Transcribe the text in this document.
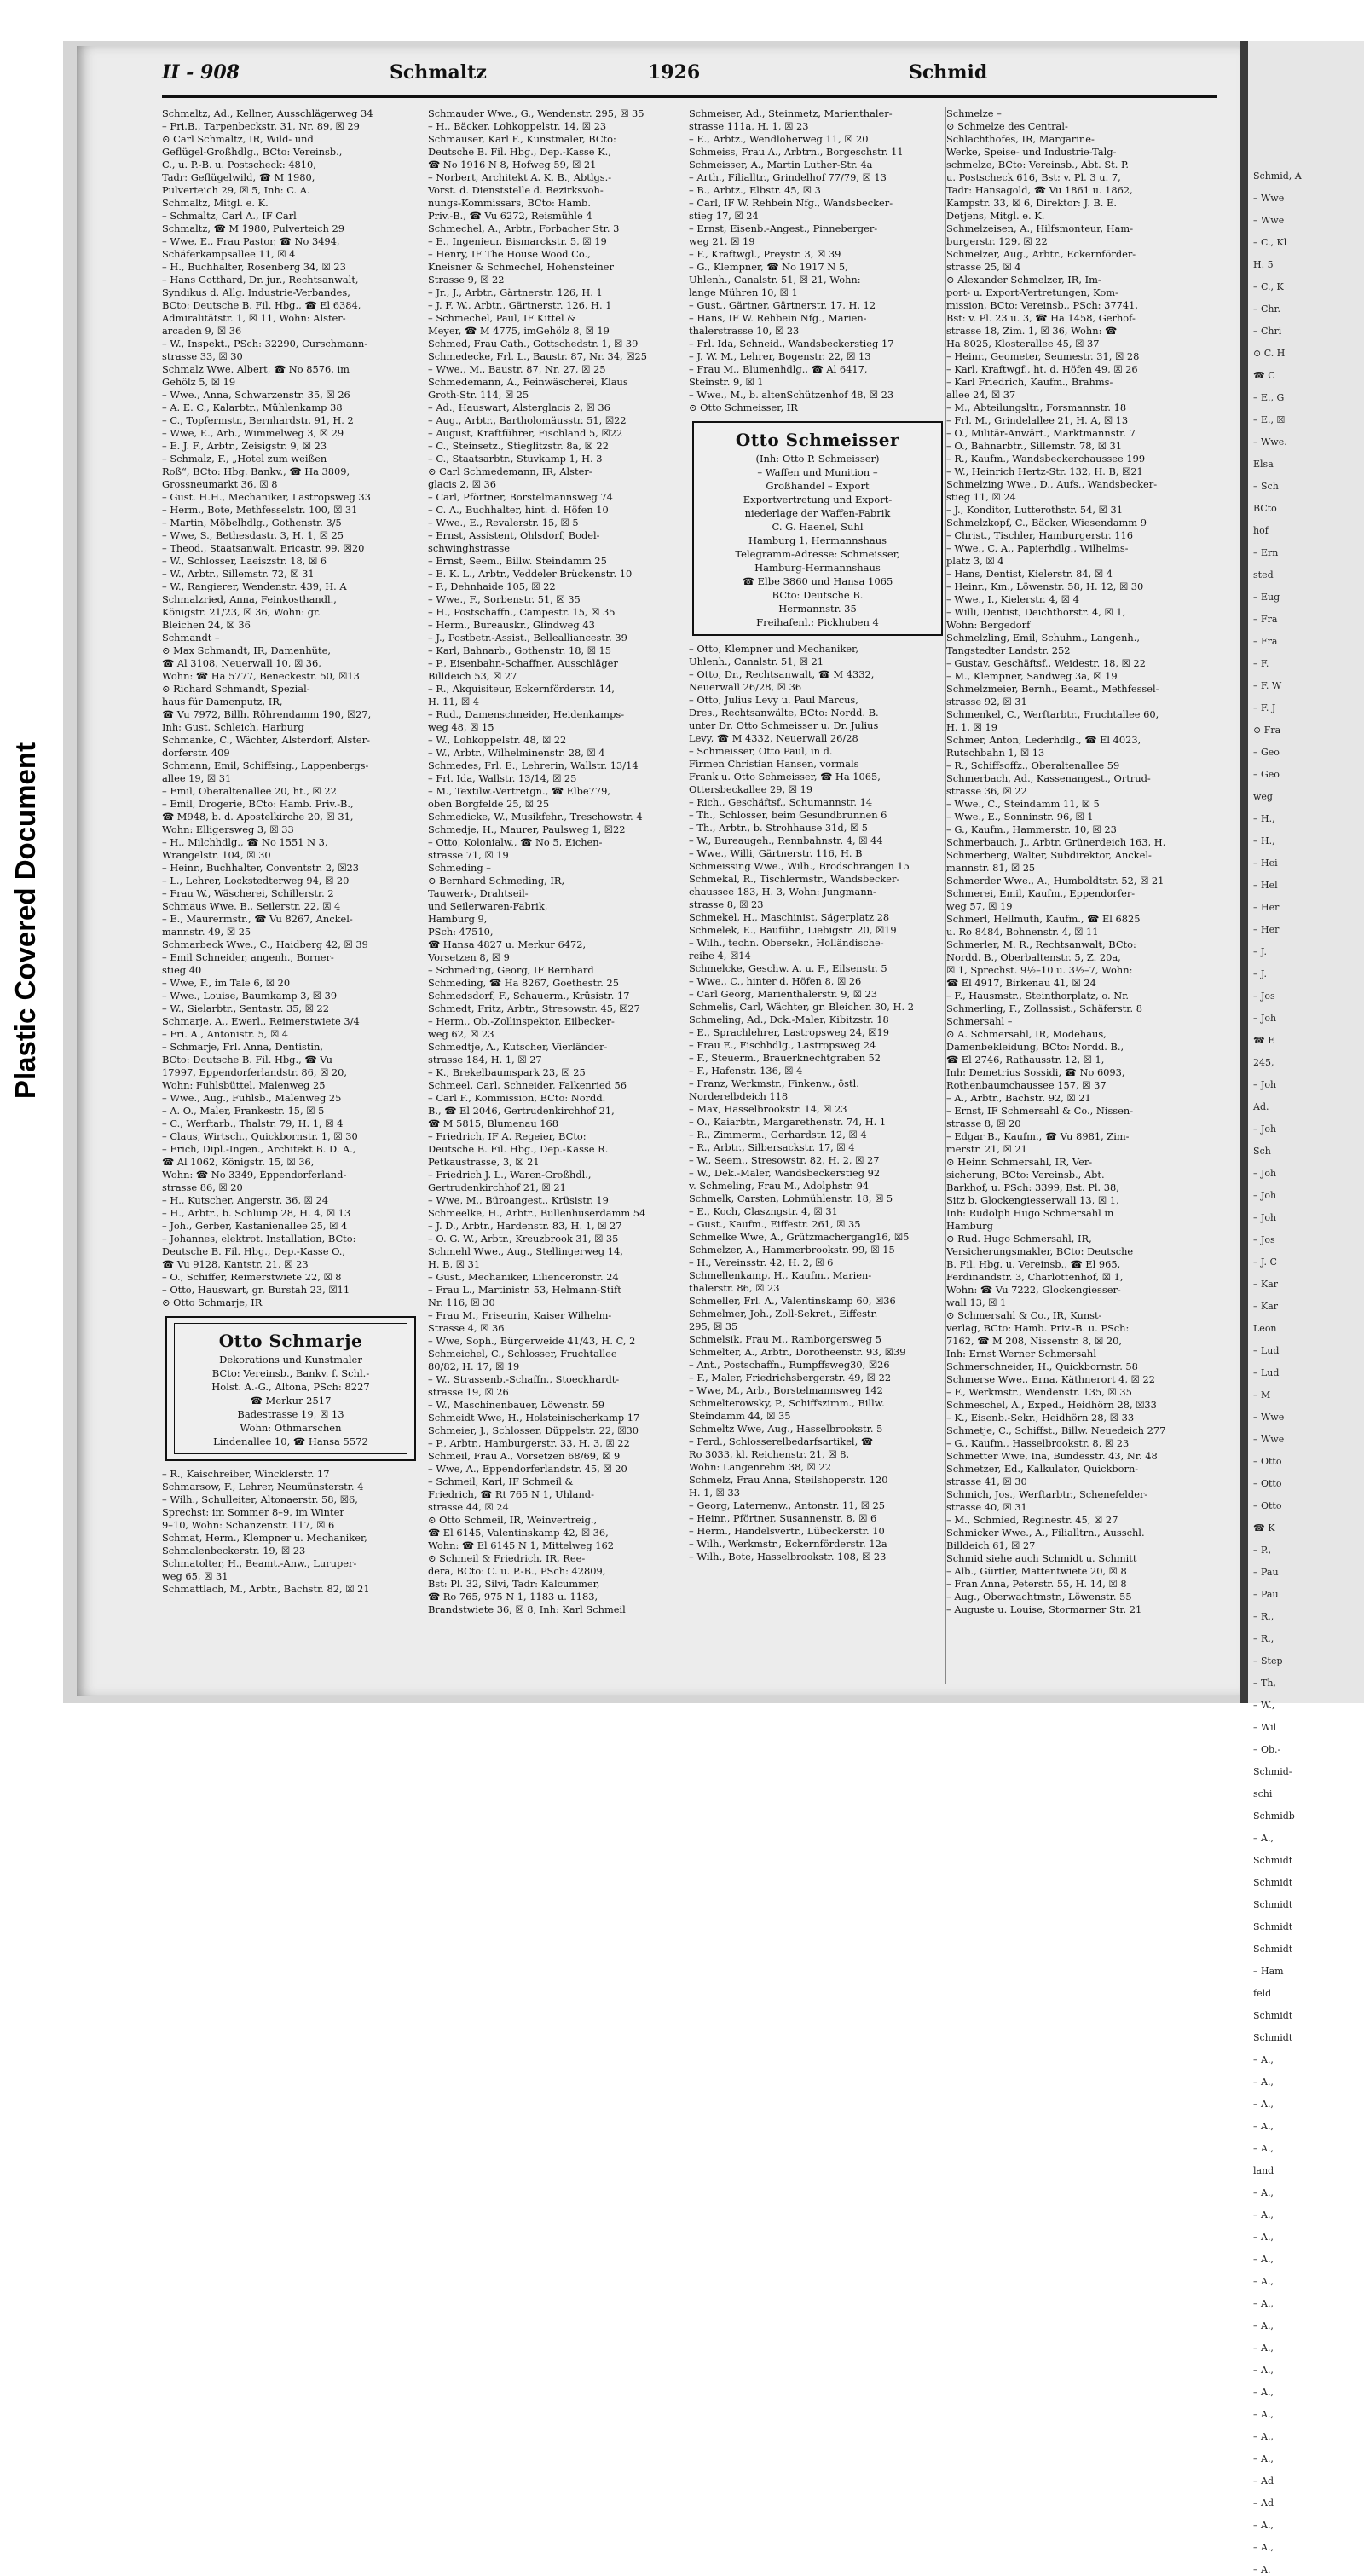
Plastic Covered Document
II - 908	Schmaltz	1926	Schmid

Schmaltz, Ad., Kellner, Ausschlägerweg 34

– Fri.B., Tarpenbeckstr. 31, Nr. 89, ☒ 29

⊙ Carl Schmaltz, IR, Wild- und

Geflügel-Großhdlg., BCto: Vereinsb.,

C., u. P.-B. u. Postscheck: 4810,

Tadr: Geflügelwild, ☎ M 1980,

Pulverteich 29, ☒ 5, Inh: C. A.

Schmaltz, Mitgl. e. K.

– Schmaltz, Carl A., IF Carl

Schmaltz, ☎ M 1980, Pulverteich 29

– Wwe, E., Frau Pastor, ☎ No 3494,

Schäferkampsallee 11, ☒ 4

– H., Buchhalter, Rosenberg 34, ☒ 23

– Hans Gotthard, Dr. jur., Rechtsanwalt,

Syndikus d. Allg. Industrie-Verbandes,

BCto: Deutsche B. Fil. Hbg., ☎ El 6384,

Admiralitätstr. 1, ☒ 11, Wohn: Alster-

arcaden 9, ☒ 36

– W., Inspekt., PSch: 32290, Curschmann-

strasse 33, ☒ 30

Schmalz Wwe. Albert, ☎ No 8576, im

Gehölz 5, ☒ 19

– Wwe., Anna, Schwarzenstr. 35, ☒ 26

– A. E. C., Kalarbtr., Mühlenkamp 38

– C., Topfermstr., Bernhardstr. 91, H. 2

– Wwe, E., Arb., Wimmelweg 3, ☒ 29

– E. J. F., Arbtr., Zeisigstr. 9, ☒ 23

– Schmalz, F., „Hotel zum weißen

Roß“, BCto: Hbg. Bankv., ☎ Ha 3809,

Grossneumarkt 36, ☒ 8

– Gust. H.H., Mechaniker, Lastropsweg 33

– Herm., Bote, Methfesselstr. 100, ☒ 31

– Martin, Möbelhdlg., Gothenstr. 3/5

– Wwe, S., Bethesdastr. 3, H. 1, ☒ 25

– Theod., Staatsanwalt, Ericastr. 99, ☒20

– W., Schlosser, Laeiszstr. 18, ☒ 6

– W., Arbtr., Sillemstr. 72, ☒ 31

– W., Rangierer, Wendenstr. 439, H. A

Schmalzried, Anna, Feinkosthandl.,

Königstr. 21/23, ☒ 36, Wohn: gr.

Bleichen 24, ☒ 36

Schmandt –

⊙ Max Schmandt, IR, Damenhüte,

☎ Al 3108, Neuerwall 10, ☒ 36,

Wohn: ☎ Ha 5777, Beneckestr. 50, ☒13

⊙ Richard Schmandt, Spezial-

haus für Damenputz, IR,

☎ Vu 7972, Billh. Röhrendamm 190, ☒27,

Inh: Gust. Schleich, Harburg

Schmanke, C., Wächter, Alsterdorf, Alster-

dorferstr. 409

Schmann, Emil, Schiffsing., Lappenbergs-

allee 19, ☒ 31

– Emil, Oberaltenallee 20, ht., ☒ 22

– Emil, Drogerie, BCto: Hamb. Priv.-B.,

☎ M948, b. d. Apostelkirche 20, ☒ 31,

Wohn: Elligersweg 3, ☒ 33

– H., Milchhdlg., ☎ No 1551 N 3,

Wrangelstr. 104, ☒ 30

– Heinr., Buchhalter, Conventstr. 2, ☒23

– L., Lehrer, Lockstedterweg 94, ☒ 20

– Frau W., Wäscherei, Schillerstr. 2

Schmaus Wwe. B., Seilerstr. 22, ☒ 4

– E., Maurermstr., ☎ Vu 8267, Anckel-

mannstr. 49, ☒ 25

Schmarbeck Wwe., C., Haidberg 42, ☒ 39

– Emil Schneider, angenh., Borner-

stieg 40

– Wwe, F., im Tale 6, ☒ 20

– Wwe., Louise, Baumkamp 3, ☒ 39

– W., Sielarbtr., Sentastr. 35, ☒ 22

Schmarje, A., Ewerl., Reimerstwiete 3/4

– Fri. A., Antonistr. 5, ☒ 4

– Schmarje, Frl. Anna, Dentistin,

BCto: Deutsche B. Fil. Hbg., ☎ Vu

17997, Eppendorferlandstr. 86, ☒ 20,

Wohn: Fuhlsbüttel, Malenweg 25

– Wwe., Aug., Fuhlsb., Malenweg 25

– A. O., Maler, Frankestr. 15, ☒ 5

– C., Werftarb., Thalstr. 79, H. 1, ☒ 4

– Claus, Wirtsch., Quickbornstr. 1, ☒ 30

– Erich, Dipl.-Ingen., Architekt B. D. A.,

☎ Al 1062, Königstr. 15, ☒ 36,

Wohn: ☎ No 3349, Eppendorferland-

strasse 86, ☒ 20

– H., Kutscher, Angerstr. 36, ☒ 24

– H., Arbtr., b. Schlump 28, H. 4, ☒ 13

– Joh., Gerber, Kastanienallee 25, ☒ 4

– Johannes, elektrot. Installation, BCto:

Deutsche B. Fil. Hbg., Dep.-Kasse O.,

☎ Vu 9128, Kantstr. 21, ☒ 23

– O., Schiffer, Reimerstwiete 22, ☒ 8

– Otto, Hauswart, gr. Burstah 23, ☒11

⊙ Otto Schmarje, IR

Otto Schmarje

Dekorations und Kunstmaler

BCto: Vereinsb., Bankv. f. Schl.-

Holst. A.-G., Altona, PSch: 8227

☎ Merkur 2517

Badestrasse 19, ☒ 13

Wohn: Othmarschen

Lindenallee 10, ☎ Hansa 5572

– R., Kaischreiber, Wincklerstr. 17

Schmarsow, F., Lehrer, Neumünsterstr. 4

– Wilh., Schulleiter, Altonaerstr. 58, ☒6,

Sprechst: im Sommer 8–9, im Winter

9–10, Wohn: Schanzenstr. 117, ☒ 6

Schmat, Herm., Klempner u. Mechaniker,

Schmalenbeckerstr. 19, ☒ 23

Schmatolter, H., Beamt.-Anw., Luruper-

weg 65, ☒ 31

Schmattlach, M., Arbtr., Bachstr. 82, ☒ 21

Schmauder Wwe., G., Wendenstr. 295, ☒ 35

– H., Bäcker, Lohkoppelstr. 14, ☒ 23

Schmauser, Karl F., Kunstmaler, BCto:

Deutsche B. Fil. Hbg., Dep.-Kasse K.,

☎ No 1916 N 8, Hofweg 59, ☒ 21

– Norbert, Architekt A. K. B., Abtlgs.-

Vorst. d. Dienststelle d. Bezirksvoh-

nungs-Kommissars, BCto: Hamb.

Priv.-B., ☎ Vu 6272, Reismühle 4

Schmechel, A., Arbtr., Forbacher Str. 3

– E., Ingenieur, Bismarckstr. 5, ☒ 19

– Henry, IF The House Wood Co.,

Kneisner & Schmechel, Hohensteiner

Strasse 9, ☒ 22

– Jr., J., Arbtr., Gärtnerstr. 126, H. 1

– J. F. W., Arbtr., Gärtnerstr. 126, H. 1

– Schmechel, Paul, IF Kittel &

Meyer, ☎ M 4775, imGehölz 8, ☒ 19

Schmed, Frau Cath., Gottschedstr. 1, ☒ 39

Schmedecke, Frl. L., Baustr. 87, Nr. 34, ☒25

– Wwe., M., Baustr. 87, Nr. 27, ☒ 25

Schmedemann, A., Feinwäscherei, Klaus

Groth-Str. 114, ☒ 25

– Ad., Hauswart, Alsterglacis 2, ☒ 36

– Aug., Arbtr., Bartholomäusstr. 51, ☒22

– August, Kraftführer, Fischland 5, ☒22

– C., Steinsetz., Stieglitzstr. 8a, ☒ 22

– C., Staatsarbtr., Stuvkamp 1, H. 3

⊙ Carl Schmedemann, IR, Alster-

glacis 2, ☒ 36

– Carl, Pförtner, Borstelmannsweg 74

– C. A., Buchhalter, hint. d. Höfen 10

– Wwe., E., Revalerstr. 15, ☒ 5

– Ernst, Assistent, Ohlsdorf, Bodel-

schwinghstrasse

– Ernst, Seem., Billw. Steindamm 25

– E. K. L., Arbtr., Veddeler Brückenstr. 10

– F., Dehnhaide 105, ☒ 22

– Wwe., F., Sorbenstr. 51, ☒ 35

– H., Postschaffn., Campestr. 15, ☒ 35

– Herm., Bureauskr., Glindweg 43

– J., Postbetr.-Assist., Bellealliancestr. 39

– Karl, Bahnarb., Gothenstr. 18, ☒ 15

– P., Eisenbahn-Schaffner, Ausschläger

Billdeich 53, ☒ 27

– R., Akquisiteur, Eckernförderstr. 14,

H. 11, ☒ 4

– Rud., Damenschneider, Heidenkamps-

weg 48, ☒ 15

– W., Lohkoppelstr. 48, ☒ 22

– W., Arbtr., Wilhelminenstr. 28, ☒ 4

Schmedes, Frl. E., Lehrerin, Wallstr. 13/14

– Frl. Ida, Wallstr. 13/14, ☒ 25

– M., Textilw.-Vertretgn., ☎ Elbe779,

oben Borgfelde 25, ☒ 25

Schmedicke, W., Musikfehr., Treschowstr. 4

Schmedje, H., Maurer, Paulsweg 1, ☒22

– Otto, Kolonialw., ☎ No 5, Eichen-

strasse 71, ☒ 19

Schmeding –

⊙ Bernhard Schmeding, IR,

Tauwerk-, Drahtseil-

und Seilerwaren-Fabrik,

Hamburg 9,

PSch: 47510,

☎ Hansa 4827 u. Merkur 6472,

Vorsetzen 8, ☒ 9

– Schmeding, Georg, IF Bernhard

Schmeding, ☎ Ha 8267, Goethestr. 25

Schmedsdorf, F., Schauerm., Krüsistr. 17

Schmedt, Fritz, Arbtr., Stresowstr. 45, ☒27

– Herm., Ob.-Zollinspektor, Eilbecker-

weg 62, ☒ 23

Schmedtje, A., Kutscher, Vierländer-

strasse 184, H. 1, ☒ 27

– K., Brekelbaumspark 23, ☒ 25

Schmeel, Carl, Schneider, Falkenried 56

– Carl F., Kommission, BCto: Nordd.

B., ☎ El 2046, Gertrudenkirchhof 21,

☎ M 5815, Blumenau 168

– Friedrich, IF A. Regeier, BCto:

Deutsche B. Fil. Hbg., Dep.-Kasse R.

Petkaustrasse, 3, ☒ 21

– Friedrich J. L., Waren-Großhdl.,

Gertrudenkirchhof 21, ☒ 21

– Wwe, M., Büroangest., Krüsistr. 19

Schmeelke, H., Arbtr., Bullenhuserdamm 54

– J. D., Arbtr., Hardenstr. 83, H. 1, ☒ 27

– O. G. W., Arbtr., Kreuzbrook 31, ☒ 35

Schmehl Wwe., Aug., Stellingerweg 14,

H. B, ☒ 31

– Gust., Mechaniker, Lilienceronstr. 24

– Frau L., Martinistr. 53, Helmann-Stift

Nr. 116, ☒ 30

– Frau M., Friseurin, Kaiser Wilhelm-

Strasse 4, ☒ 36

– Wwe, Soph., Bürgerweide 41/43, H. C, 2

Schmeichel, C., Schlosser, Fruchtallee

80/82, H. 17, ☒ 19

– W., Strassenb.-Schaffn., Stoeckhardt-

strasse 19, ☒ 26

– W., Maschinenbauer, Löwenstr. 59

Schmeidt Wwe, H., Holsteinischerkamp 17

Schmeier, J., Schlosser, Düppelstr. 22, ☒30

– P., Arbtr., Hamburgerstr. 33, H. 3, ☒ 22

Schmeil, Frau A., Vorsetzen 68/69, ☒ 9

– Wwe, A., Eppendorferlandstr. 45, ☒ 20

– Schmeil, Karl, IF Schmeil &

Friedrich, ☎ Rt 765 N 1, Uhland-

strasse 44, ☒ 24

⊙ Otto Schmeil, IR, Weinvertreig.,

☎ El 6145, Valentinskamp 42, ☒ 36,

Wohn: ☎ El 6145 N 1, Mittelweg 162

⊙ Schmeil & Friedrich, IR, Ree-

dera, BCto: C. u. P.-B., PSch: 42809,

Bst: Pl. 32, Silvi, Tadr: Kalcummer,

☎ Ro 765, 975 N 1, 1183 u. 1183,

Brandstwiete 36, ☒ 8, Inh: Karl Schmeil

Schmeiser, Ad., Steinmetz, Marienthaler-

strasse 111a, H. 1, ☒ 23

– E., Arbtz., Wendloherweg 11, ☒ 20

Schmeiss, Frau A., Arbtrn., Borgeschstr. 11

Schmeisser, A., Martin Luther-Str. 4a

– Arth., Filialltr., Grindelhof 77/79, ☒ 13

– B., Arbtz., Elbstr. 45, ☒ 3

– Carl, IF W. Rehbein Nfg., Wandsbecker-

stieg 17, ☒ 24

– Ernst, Eisenb.-Angest., Pinneberger-

weg 21, ☒ 19

– F., Kraftwgl., Preystr. 3, ☒ 39

– G., Klempner, ☎ No 1917 N 5,

Uhlenh., Canalstr. 51, ☒ 21, Wohn:

lange Mühren 10, ☒ 1

– Gust., Gärtner, Gärtnerstr. 17, H. 12

– Hans, IF W. Rehbein Nfg., Marien-

thalerstrasse 10, ☒ 23

– Frl. Ida, Schneid., Wandsbeckerstieg 17

– J. W. M., Lehrer, Bogenstr. 22, ☒ 13

– Frau M., Blumenhdlg., ☎ Al 6417,

Steinstr. 9, ☒ 1

– Wwe., M., b. altenSchützenhof 48, ☒ 23

⊙ Otto Schmeisser, IR

Otto Schmeisser

(Inh: Otto P. Schmeisser)

– Waffen und Munition –

Großhandel – Export

Exportvertretung und Export-

niederlage der Waffen-Fabrik

C. G. Haenel, Suhl

Hamburg 1, Hermannshaus

Telegramm-Adresse: Schmeisser,

Hamburg-Hermannshaus

☎ Elbe 3860 und Hansa 1065

BCto: Deutsche B.

Hermannstr. 35

Freihafenl.: Pickhuben 4

– Otto, Klempner und Mechaniker,

Uhlenh., Canalstr. 51, ☒ 21

– Otto, Dr., Rechtsanwalt, ☎ M 4332,

Neuerwall 26/28, ☒ 36

– Otto, Julius Levy u. Paul Marcus,

Dres., Rechtsanwälte, BCto: Nordd. B.

unter Dr. Otto Schmeisser u. Dr. Julius

Levy, ☎ M 4332, Neuerwall 26/28

– Schmeisser, Otto Paul, in d.

Firmen Christian Hansen, vormals

Frank u. Otto Schmeisser, ☎ Ha 1065,

Ottersbeckallee 29, ☒ 19

– Rich., Geschäftsf., Schumannstr. 14

– Th., Schlosser, beim Gesundbrunnen 6

– Th., Arbtr., b. Strohhause 31d, ☒ 5

– W., Bureaugeh., Rennbahnstr. 4, ☒ 44

– Wwe., Willi, Gärtnerstr. 116, H. B

Schmeissing Wwe., Wilh., Brodschrangen 15

Schmekal, R., Tischlermstr., Wandsbecker-

chaussee 183, H. 3, Wohn: Jungmann-

strasse 8, ☒ 23

Schmekel, H., Maschinist, Sägerplatz 28

Schmelek, E., Bauführ., Liebigstr. 20, ☒19

– Wilh., techn. Obersekr., Holländische-

reihe 4, ☒14

Schmelcke, Geschw. A. u. F., Eilsenstr. 5

– Wwe., C., hinter d. Höfen 8, ☒ 26

– Carl Georg, Marienthalerstr. 9, ☒ 23

Schmelis, Carl, Wächter, gr. Bleichen 30, H. 2

Schmeling, Ad., Dck.-Maler, Kibitzstr. 18

– E., Sprachlehrer, Lastropsweg 24, ☒19

– Frau E., Fischhdlg., Lastropsweg 24

– F., Steuerm., Brauerknechtgraben 52

– F., Hafenstr. 136, ☒ 4

– Franz, Werkmstr., Finkenw., östl.

Norderelbdeich 118

– Max, Hasselbrookstr. 14, ☒ 23

– O., Kaiarbtr., Margarethenstr. 74, H. 1

– R., Zimmerm., Gerhardstr. 12, ☒ 4

– R., Arbtr., Silbersackstr. 17, ☒ 4

– W., Seem., Stresowstr. 82, H. 2, ☒ 27

– W., Dek.-Maler, Wandsbeckerstieg 92

v. Schmeling, Frau M., Adolphstr. 94

Schmelk, Carsten, Lohmühlenstr. 18, ☒ 5

– E., Koch, Claszngstr. 4, ☒ 31

– Gust., Kaufm., Eiffestr. 261, ☒ 35

Schmelke Wwe, A., Grützmachergang16, ☒5

Schmelzer, A., Hammerbrookstr. 99, ☒ 15

– H., Vereinsstr. 42, H. 2, ☒ 6

Schmellenkamp, H., Kaufm., Marien-

thalerstr. 86, ☒ 23

Schmeller, Frl. A., Valentinskamp 60, ☒36

Schmelmer, Joh., Zoll-Sekret., Eiffestr.

295, ☒ 35

Schmelsik, Frau M., Ramborgersweg 5

Schmelter, A., Arbtr., Dorotheenstr. 93, ☒39

– Ant., Postschaffn., Rumpffsweg30, ☒26

– F., Maler, Friedrichsbergerstr. 49, ☒ 22

– Wwe, M., Arb., Borstelmannsweg 142

Schmelterowsky, P., Schiffszimm., Billw.

Steindamm 44, ☒ 35

Schmeltz Wwe, Aug., Hasselbrookstr. 5

– Ferd., Schlosserelbedarfsartikel, ☎

Ro 3033, kl. Reichenstr. 21, ☒ 8,

Wohn: Langenrehm 38, ☒ 22

Schmelz, Frau Anna, Steilshoperstr. 120

H. 1, ☒ 33

– Georg, Laternenw., Antonstr. 11, ☒ 25

– Heinr., Pförtner, Susannenstr. 8, ☒ 6

– Herm., Handelsvertr., Lübeckerstr. 10

– Wilh., Werkmstr., Eckernförderstr. 12a

– Wilh., Bote, Hasselbrookstr. 108, ☒ 23

Schmelze –

⊙ Schmelze des Central-

Schlachthofes, IR, Margarine-

Werke, Speise- und Industrie-Talg-

schmelze, BCto: Vereinsb., Abt. St. P.

u. Postscheck 616, Bst: v. Pl. 3 u. 7,

Tadr: Hansagold, ☎ Vu 1861 u. 1862,

Kampstr. 33, ☒ 6, Direktor: J. B. E.

Detjens, Mitgl. e. K.

Schmelzeisen, A., Hilfsmonteur, Ham-

burgerstr. 129, ☒ 22

Schmelzer, Aug., Arbtr., Eckernförder-

strasse 25, ☒ 4

⊙ Alexander Schmelzer, IR, Im-

port- u. Export-Vertretungen, Kom-

mission, BCto: Vereinsb., PSch: 37741,

Bst: v. Pl. 23 u. 3, ☎ Ha 1458, Gerhof-

strasse 18, Zim. 1, ☒ 36, Wohn: ☎

Ha 8025, Klosterallee 45, ☒ 37

– Heinr., Geometer, Seumestr. 31, ☒ 28

– Karl, Kraftwgf., ht. d. Höfen 49, ☒ 26

– Karl Friedrich, Kaufm., Brahms-

allee 24, ☒ 37

– M., Abteilungsltr., Forsmannstr. 18

– Frl. M., Grindelallee 21, H. A, ☒ 13

– O., Militär-Anwärt., Marktmannstr. 7

– O., Bahnarbtr., Sillemstr. 78, ☒ 31

– R., Kaufm., Wandsbeckerchaussee 199

– W., Heinrich Hertz-Str. 132, H. B, ☒21

Schmelzing Wwe., D., Aufs., Wandsbecker-

stieg 11, ☒ 24

– J., Konditor, Lutterothstr. 54, ☒ 31

Schmelzkopf, C., Bäcker, Wiesendamm 9

– Christ., Tischler, Hamburgerstr. 116

– Wwe., C. A., Papierhdlg., Wilhelms-

platz 3, ☒ 4

– Hans, Dentist, Kielerstr. 84, ☒ 4

– Heinr., Km., Löwenstr. 58, H. 12, ☒ 30

– Wwe., I., Kielerstr. 4, ☒ 4

– Willi, Dentist, Deichthorstr. 4, ☒ 1,

Wohn: Bergedorf

Schmelzling, Emil, Schuhm., Langenh.,

Tangstedter Landstr. 252

– Gustav, Geschäftsf., Weidestr. 18, ☒ 22

– M., Klempner, Sandweg 3a, ☒ 19

Schmelzmeier, Bernh., Beamt., Methfessel-

strasse 92, ☒ 31

Schmenkel, C., Werftarbtr., Fruchtallee 60,

H. 1, ☒ 19

Schmer, Anton, Lederhdlg., ☎ El 4023,

Rutschbahn 1, ☒ 13

– R., Schiffsoffz., Oberaltenallee 59

Schmerbach, Ad., Kassenangest., Ortrud-

strasse 36, ☒ 22

– Wwe., C., Steindamm 11, ☒ 5

– Wwe., E., Sonninstr. 96, ☒ 1

– G., Kaufm., Hammerstr. 10, ☒ 23

Schmerbauch, J., Arbtr. Grünerdeich 163, H.

Schmerberg, Walter, Subdirektor, Anckel-

mannstr. 81, ☒ 25

Schmerder Wwe., A., Humboldtstr. 52, ☒ 21

Schmerei, Emil, Kaufm., Eppendorfer-

weg 57, ☒ 19

Schmerl, Hellmuth, Kaufm., ☎ El 6825

u. Ro 8484, Bohnenstr. 4, ☒ 11

Schmerler, M. R., Rechtsanwalt, BCto:

Nordd. B., Oberbaltenstr. 5, Z. 20a,

☒ 1, Sprechst. 9½–10 u. 3½–7, Wohn:

☎ El 4917, Birkenau 41, ☒ 24

– F., Hausmstr., Steinthorplatz, o. Nr.

Schmerling, F., Zollassist., Schäferstr. 8

Schmersahl –

⊙ A. Schmersahl, IR, Modehaus,

Damenbekleidung, BCto: Nordd. B.,

☎ El 2746, Rathausstr. 12, ☒ 1,

Inh: Demetrius Sossidi, ☎ No 6093,

Rothenbaumchaussee 157, ☒ 37

– A., Arbtr., Bachstr. 92, ☒ 21

– Ernst, IF Schmersahl & Co., Nissen-

strasse 8, ☒ 20

– Edgar B., Kaufm., ☎ Vu 8981, Zim-

merstr. 21, ☒ 21

⊙ Heinr. Schmersahl, IR, Ver-

sicherung, BCto: Vereinsb., Abt.

Barkhof, u. PSch: 3399, Bst. Pl. 38,

Sitz b. Glockengiesserwall 13, ☒ 1,

Inh: Rudolph Hugo Schmersahl in

Hamburg

⊙ Rud. Hugo Schmersahl, IR,

Versicherungsmakler, BCto: Deutsche

B. Fil. Hbg. u. Vereinsb., ☎ El 965,

Ferdinandstr. 3, Charlottenhof, ☒ 1,

Wohn: ☎ Vu 7222, Glockengiesser-

wall 13, ☒ 1

⊙ Schmersahl & Co., IR, Kunst-

verlag, BCto: Hamb. Priv.-B. u. PSch:

7162, ☎ M 208, Nissenstr. 8, ☒ 20,

Inh: Ernst Werner Schmersahl

Schmerschneider, H., Quickbornstr. 58

Schmerse Wwe., Erna, Käthnerort 4, ☒ 22

– F., Werkmstr., Wendenstr. 135, ☒ 35

Schmeschel, A., Exped., Heidhörn 28, ☒33

– K., Eisenb.-Sekr., Heidhörn 28, ☒ 33

Schmetje, C., Schiffst., Billw. Neuedeich 277

– G., Kaufm., Hasselbrookstr. 8, ☒ 23

Schmetter Wwe, Ina, Bundesstr. 43, Nr. 48

Schmetzer, Ed., Kalkulator, Quickborn-

strasse 41, ☒ 30

Schmich, Jos., Werftarbtr., Schenefelder-

strasse 40, ☒ 31

– M., Schmied, Reginestr. 45, ☒ 27

Schmicker Wwe., A., Filialltrn., Ausschl.

Billdeich 61, ☒ 27

Schmid siehe auch Schmidt u. Schmitt

– Alb., Gürtler, Mattentwiete 20, ☒ 8

– Fran Anna, Peterstr. 55, H. 14, ☒ 8

– Aug., Oberwachtmstr., Löwenstr. 55

– Auguste u. Louise, Stormarner Str. 21

Schmid, A

– Wwe

– Wwe

– C., Kl

H. 5

– C., K

– Chr.

– Chri

⊙ C. H

☎ C

– E., G

– E., ☒

– Wwe.

Elsa

– Sch

BCto

hof

– Ern

sted

– Eug

– Fra

– Fra

– F.

– F. W

– F. J

⊙ Fra

– Geo

– Geo

weg

– H.,

– H.,

– Hei

– Hel

– Her

– Her

– J.

– J.

– Jos

– Joh

☎ E

245,

– Joh

Ad.

– Joh

Sch

– Joh

– Joh

– Joh

– Jos

– J. C

– Kar

– Kar

Leon

– Lud

– Lud

– M

– Wwe

– Wwe

– Otto

– Otto

– Otto

☎ K

– P.,

– Pau

– Pau

– R.,

– R.,

– Step

– Th,

– W.,

– Wil

– Ob.-

Schmid-

schi

Schmidb

– A.,

Schmidt

Schmidt

Schmidt

Schmidt

Schmidt

– Ham

feld

Schmidt

Schmidt

– A.,

– A.,

– A.,

– A.,

– A.,

land

– A.,

– A.,

– A.,

– A.,

– A.,

– A.,

– A.,

– A.,

– A.,

– A.,

– A.,

– A.,

– A.,

– Ad

– Ad

– A.,

– A.,

– A.
